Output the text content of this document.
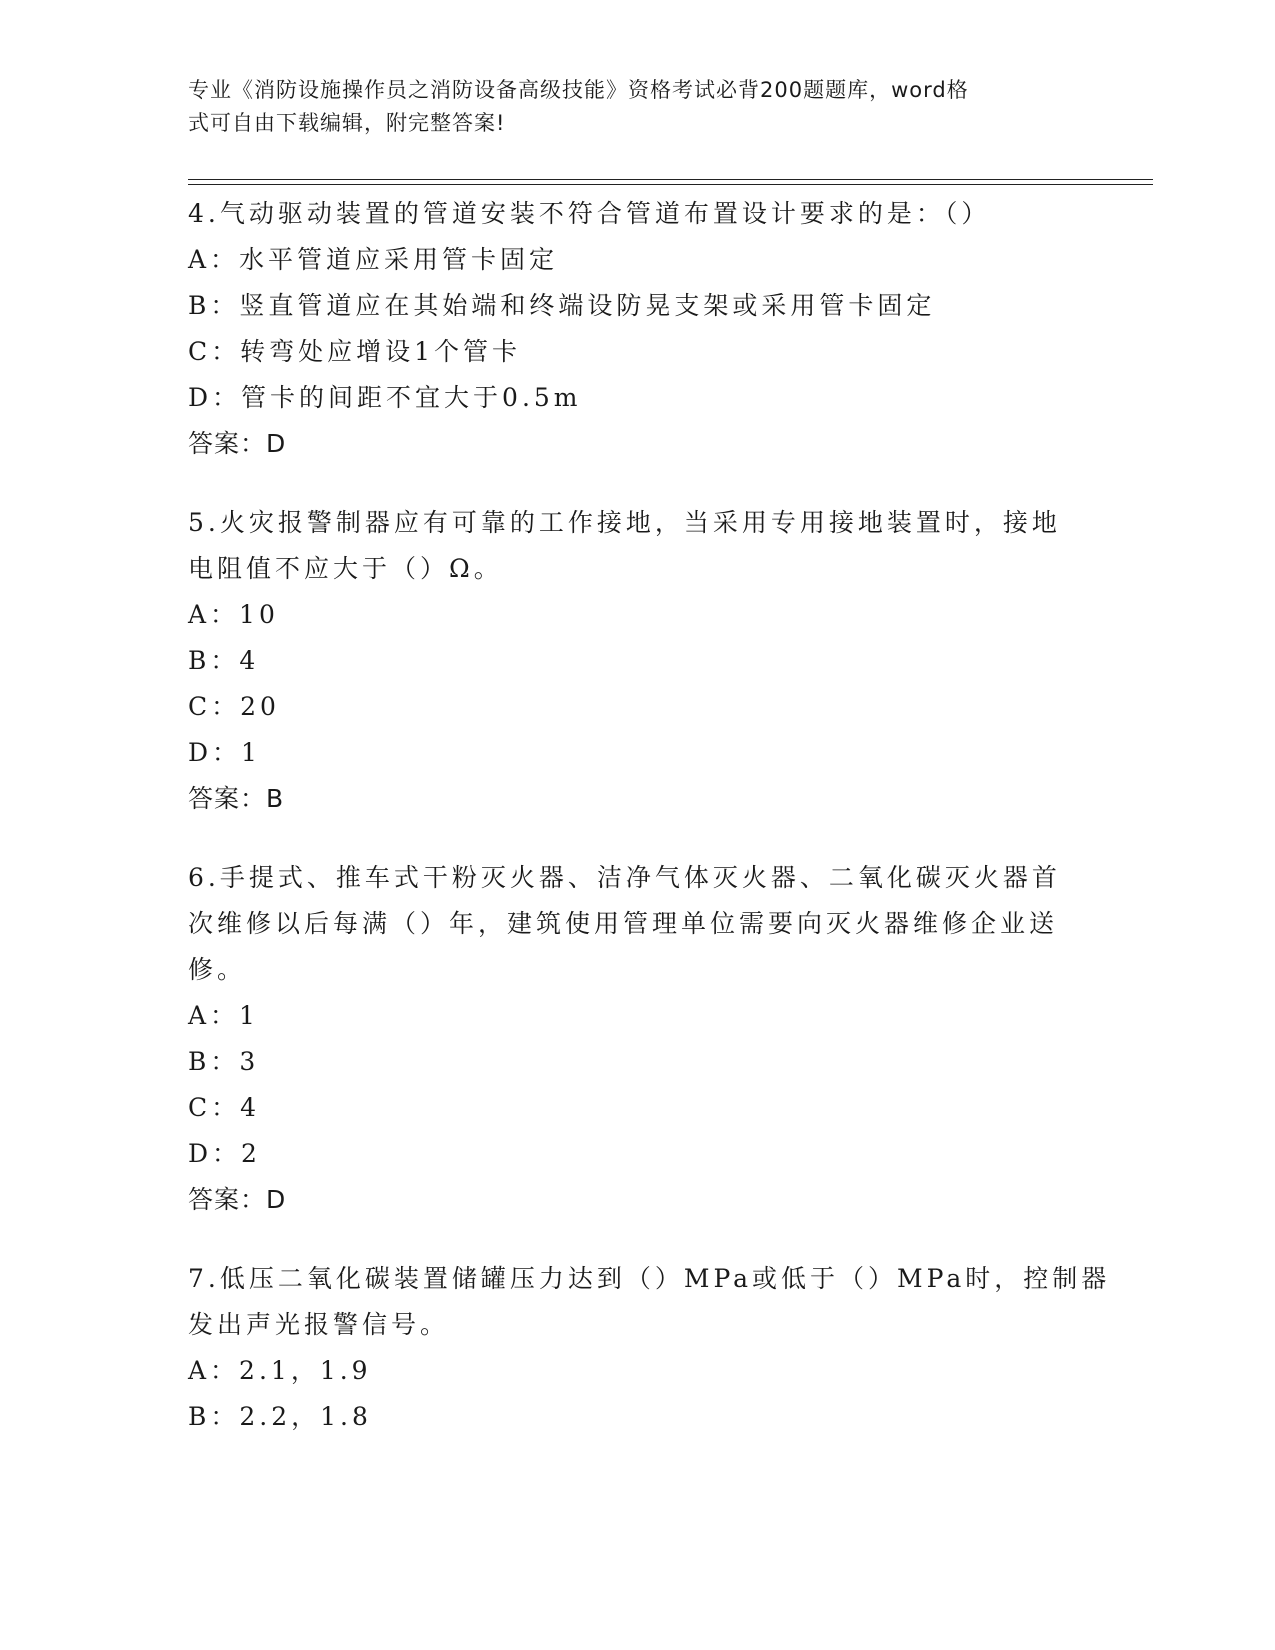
专业《消防设施操作员之消防设备高级技能》资格考试必背200题题库，word格
式可自由下载编辑，附完整答案!
4.气动驱动装置的管道安装不符合管道布置设计要求的是：（）
A：水平管道应采用管卡固定
B：竖直管道应在其始端和终端设防晃支架或采用管卡固定
C：转弯处应增设1个管卡
D：管卡的间距不宜大于0.5m
答案：D
5.火灾报警制器应有可靠的工作接地，当采用专用接地装置时，接地
电阻值不应大于（）Ω。
A：10
B：4
C：20
D：1
答案：B
6.手提式、推车式干粉灭火器、洁净气体灭火器、二氧化碳灭火器首
次维修以后每满（）年，建筑使用管理单位需要向灭火器维修企业送
修。
A：1
B：3
C：4
D：2
答案：D
7.低压二氧化碳装置储罐压力达到（）MPa或低于（）MPa时，控制器
发出声光报警信号。
A：2.1，1.9
B：2.2，1.8
